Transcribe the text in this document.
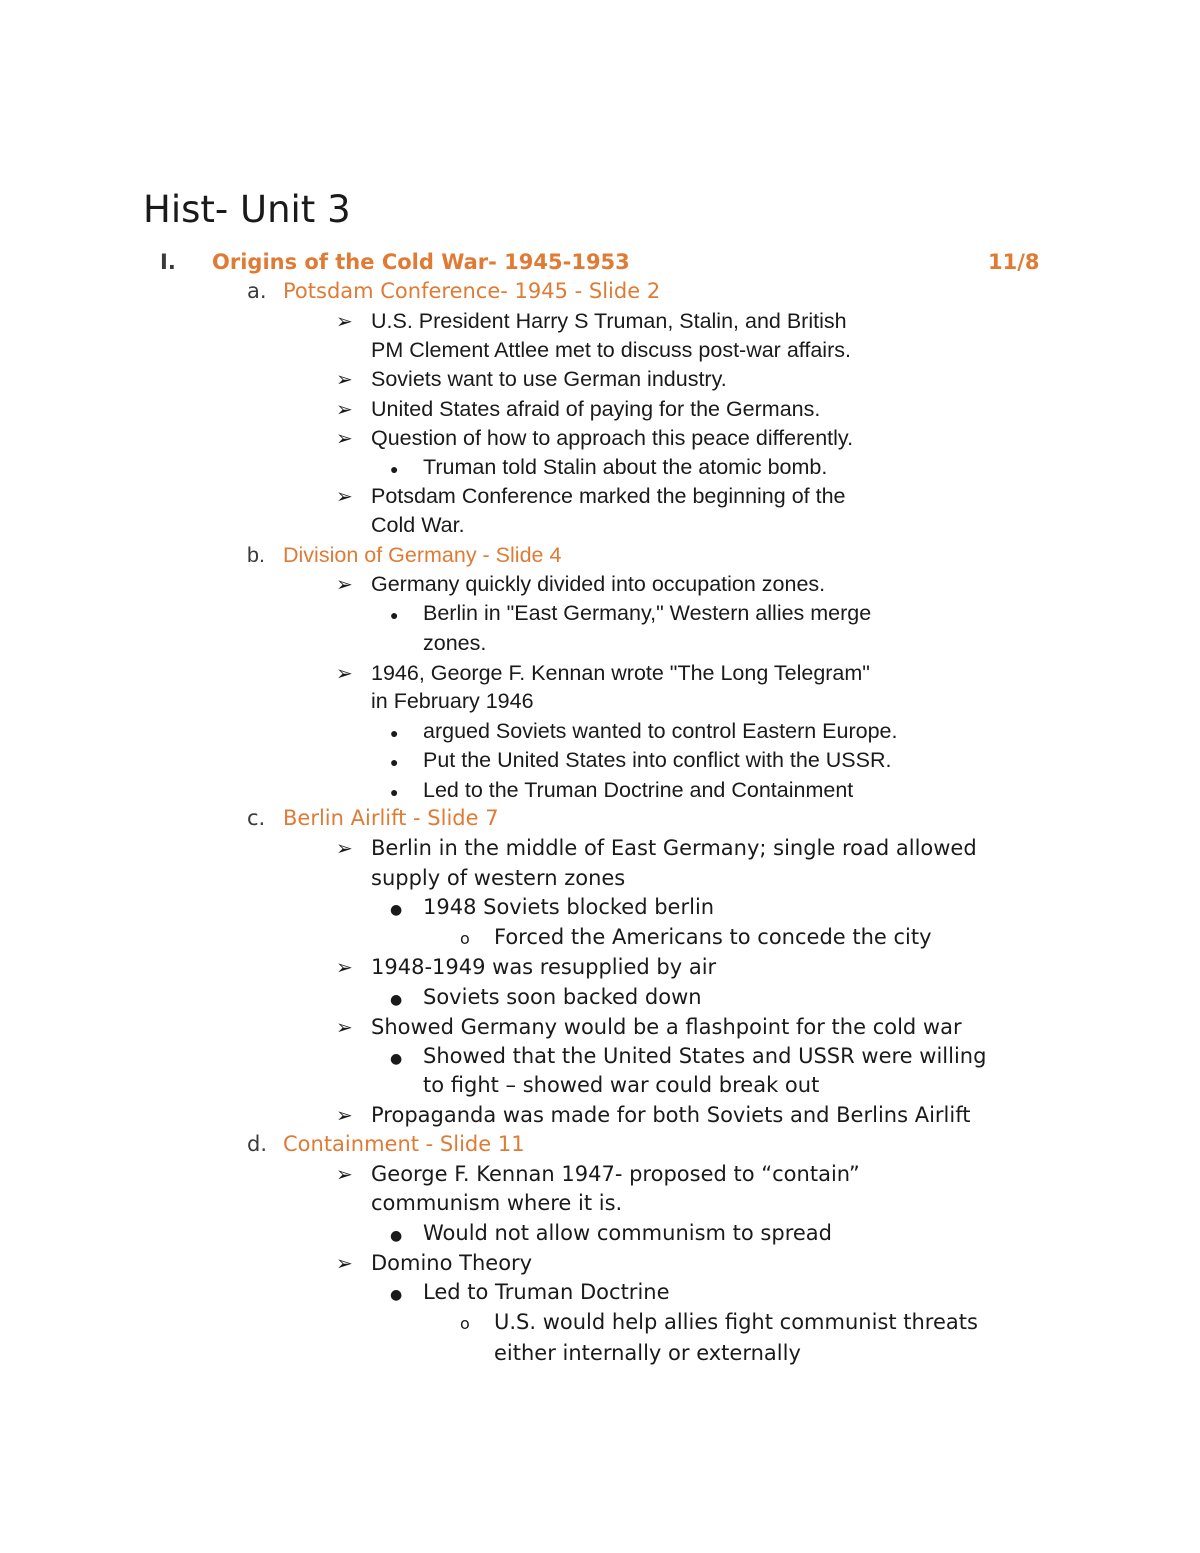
Hist- Unit 3
I. Origins of the Cold War- 1945-1953	11/8
a. Potsdam Conference- 1945 - Slide 2
➢ U.S. President Harry S Truman, Stalin, and British
PM Clement Attlee met to discuss post-war affairs.
➢ Soviets want to use German industry.
➢ United States afraid of paying for the Germans.
➢ Question of how to approach this peace differently.
● Truman told Stalin about the atomic bomb.
➢ Potsdam Conference marked the beginning of the
Cold War.
b. Division of Germany - Slide 4
➢ Germany quickly divided into occupation zones.
● Berlin in "East Germany," Western allies merge
zones.
➢ 1946, George F. Kennan wrote "The Long Telegram"
in February 1946
● argued Soviets wanted to control Eastern Europe.
● Put the United States into conflict with the USSR.
● Led to the Truman Doctrine and Containment
c. Berlin Airlift - Slide 7
➢ Berlin in the middle of East Germany; single road allowed
supply of western zones
● 1948 Soviets blocked berlin
o Forced the Americans to concede the city
➢ 1948-1949 was resupplied by air
● Soviets soon backed down
➢ Showed Germany would be a flashpoint for the cold war
● Showed that the United States and USSR were willing
to fight – showed war could break out
➢ Propaganda was made for both Soviets and Berlins Airlift
d. Containment - Slide 11
➢ George F. Kennan 1947- proposed to “contain”
communism where it is.
● Would not allow communism to spread
➢ Domino Theory
● Led to Truman Doctrine
o U.S. would help allies fight communist threats
either internally or externally
